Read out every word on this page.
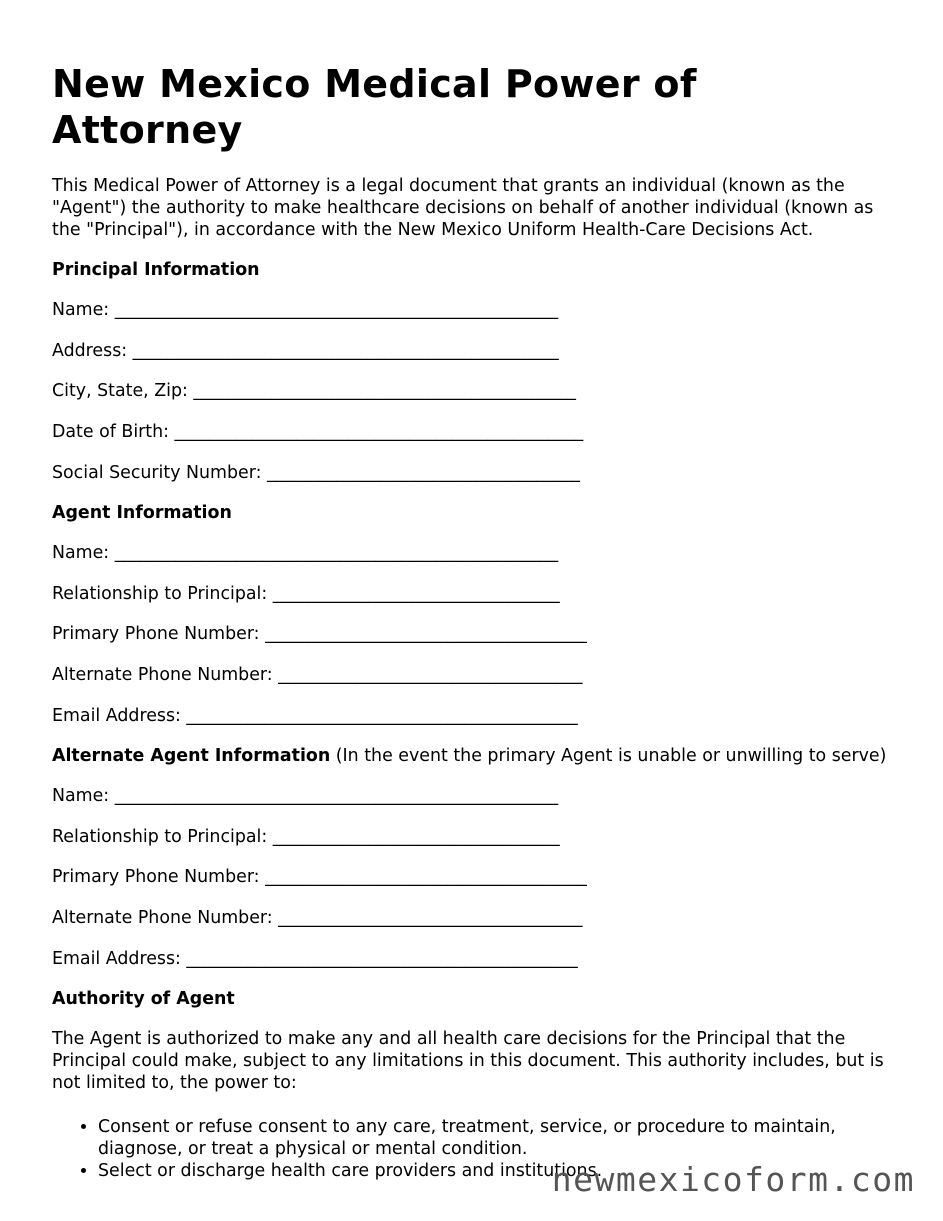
New Mexico Medical Power of Attorney

This Medical Power of Attorney is a legal document that grants an individual (known as the "Agent") the authority to make healthcare decisions on behalf of another individual (known as the "Principal"), in accordance with the New Mexico Uniform Health-Care Decisions Act.

Principal Information

Name: ___________________________________________________

Address: _________________________________________________

City, State, Zip: ____________________________________________

Date of Birth: _______________________________________________

Social Security Number: ____________________________________

Agent Information

Name: ___________________________________________________

Relationship to Principal: _________________________________

Primary Phone Number: _____________________________________

Alternate Phone Number: ___________________________________

Email Address: _____________________________________________

Alternate Agent Information (In the event the primary Agent is unable or unwilling to serve)

Name: ___________________________________________________

Relationship to Principal: _________________________________

Primary Phone Number: _____________________________________

Alternate Phone Number: ___________________________________

Email Address: _____________________________________________

Authority of Agent

The Agent is authorized to make any and all health care decisions for the Principal that the Principal could make, subject to any limitations in this document. This authority includes, but is not limited to, the power to:

• Consent or refuse consent to any care, treatment, service, or procedure to maintain, diagnose, or treat a physical or mental condition.
• Select or discharge health care providers and institutions.
newmexicoform.com
